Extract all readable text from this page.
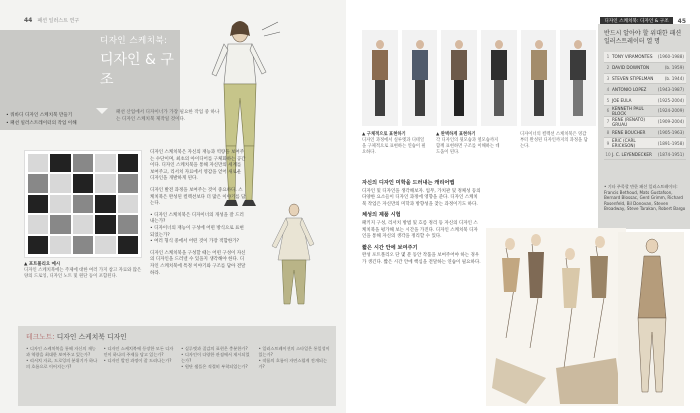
44 패션 일러스트 연구
디자인 스케치북:
디자인 & 구조
• 쿼바디 디자인 스케치북 만들기
• 패션 일러스트레이터의 작업 이해
패션 산업에서 디자이너가 가장 필요한 작업 중 하나는 디자인 스케치북 제작일 것이다.
▲ 포트폴리오 예시
디자인 스케치북에는 주제에 대한 여러 가지 참고 자료와 많은 양의 드로잉, 디자인 노트 및 원단 등이 포함된다.

디자인 스케치북은 자신의 재능과 역량을 보여주는 수단이며, 최초의 아이디어를 구체화하는 공간이다. 디자인 스케치북을 통해 자신만의 세계를 보여주고, 리서치 자료에서 영감을 얻어 새로운 디자인을 개발하게 된다.

디자인 발전 과정을 보여주는 것이 중요하다. 스케치북은 완성된 컬렉션보다 더 많은 이야기를 담는다.

• 디자인 스케치북은 디자이너의 개성을 잘 드러내는가?
• 디자이너의 재능이 구성에 어떤 방식으로 표현되었는가?
• 여러 형식 중에서 어떤 것이 가장 적합한가?

디자인 스케치북을 구성할 때는 어떤 구성이 자신의 디자인을 드러낼 수 있을지 생각해야 한다. 디자인 스케치북에 특정 이야기와 구조를 담아 전달하라.

테크노트: 디자인 스케치북 디자인
• 디자인 스케치북을 통해 자신의 재능과 역량을 최대한 보여주고 있는가?
• 리서치 자료, 드로잉의 분위기가 하나의 흐름으로 이어지는가?
• 디자인 스케치북에 등장한 모든 디자인이 하나의 주제를 담고 있는가?
• 디자인 발전 과정이 잘 드러나는가?
• 실루엣과 질감의 표현은 충분한가?
• 디자인이 다양한 관점에서 제시되었는가?
• 원단 샘플은 적절히 부착되었는가?
• 일러스트레이션의 스타일은 통일성이 있는가?
• 작품의 흐름이 자연스럽게 전개되는가?
디자인 스케치북: 디자인 & 구조	45
▲ 구체적으로 표현하기
디자인 과정에서 실루엣과 디테일을 구체적으로 표현하는 연습이 필요하다.
▲ 완벽하게 표현하기
각 디자인의 뒷모습과 옆모습까지 함께 표현하면 구조를 이해하는 데 도움이 된다.
디자이너의 컬렉션 스케치북은 영감부터 완성된 디자인까지의 과정을 담는다.
반드시 알아야 할 위대한 패션 일러스트레이터 열 명
1 TONY VIRAMONTES	(1960-1988)
2 DAVID DOWNTON	(b. 1959)
3 STEVEN STIPELMAN	(b. 1944)
4 ANTONIO LOPEZ	(1943-1987)
5 JOE EULA	(1925-2004)
6 KENNETH PAUL BLOCK
(1924-2009)
7 RENE (RENATO) GRUAU
(1909-2004)
8 RENE BOUCHER	(1905-1963)
9 ERIC (CARL ERICKSON)
(1891-1958)
10 J. C. LEYENDECKER	(1874-1951)
• 기타 주목할 만한 패션 일러스트레이터:
Francis Bethoud, Mats Gustafson, Bernard Blossac, Gerd Grimm, Richard Rosenfeld, Bil Donovan, Steven Broadway, Steve Tarakan, Robert Bargo
자신의 디자인 미학을 드러내는 캐리어맵

디자인 및 디자인을 생각해보자. 업무, 가치관 및 정체성 등의 다양한 요소들이 디자인 과정에 영향을 준다. 디자인 스케치북 작업은 자신만의 미학과 방향성을 찾는 과정이기도 하다.

체성의 제품 시험

패키지 구성, 리서치 방법 및 흐름 정리 등 자신의 디자인 스케치북을 평가해 보는 시간을 가진다. 디자인 스케치북 디자인을 통해 자신의 생각을 정리할 수 있다.

짧은 시간 안에 보여주기

완성 포트폴리오 단 몇 분 동안 작품을 보여주어야 하는 경우가 생긴다. 짧은 시간 안에 핵심을 전달하는 연습이 필요하다.
